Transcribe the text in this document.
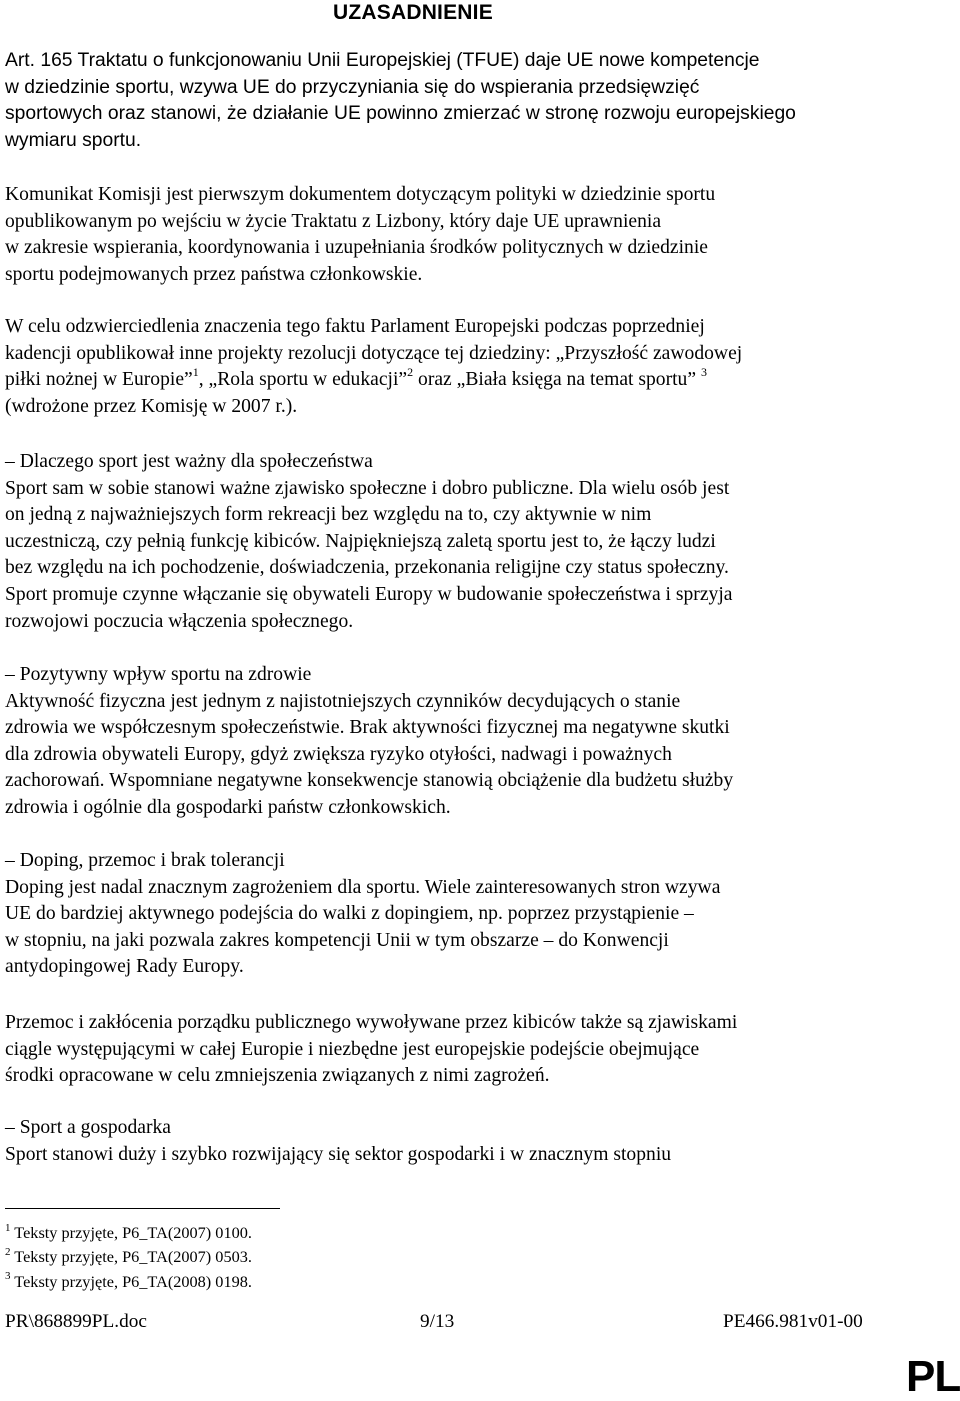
UZASADNIENIE
Art. 165 Traktatu o funkcjonowaniu Unii Europejskiej (TFUE) daje UE nowe kompetencje
w dziedzinie sportu, wzywa UE do przyczyniania się do wspierania przedsięwzięć
sportowych oraz stanowi, że działanie UE powinno zmierzać w stronę rozwoju europejskiego
wymiaru sportu.
Komunikat Komisji jest pierwszym dokumentem dotyczącym polityki w dziedzinie sportu
opublikowanym po wejściu w życie Traktatu z Lizbony, który daje UE uprawnienia
w zakresie wspierania, koordynowania i uzupełniania środków politycznych w dziedzinie
sportu podejmowanych przez państwa członkowskie.
W celu odzwierciedlenia znaczenia tego faktu Parlament Europejski podczas poprzedniej
kadencji opublikował inne projekty rezolucji dotyczące tej dziedziny: „Przyszłość zawodowej
piłki nożnej w Europie”$^1$, „Rola sportu w edukacji”$^2$ oraz „Biała księga na temat sportu” $^3$
(wdrożone przez Komisję w 2007 r.).
– Dlaczego sport jest ważny dla społeczeństwa
Sport sam w sobie stanowi ważne zjawisko społeczne i dobro publiczne. Dla wielu osób jest
on jedną z najważniejszych form rekreacji bez względu na to, czy aktywnie w nim
uczestniczą, czy pełnią funkcję kibiców. Najpiękniejszą zaletą sportu jest to, że łączy ludzi
bez względu na ich pochodzenie, doświadczenia, przekonania religijne czy status społeczny.
Sport promuje czynne włączanie się obywateli Europy w budowanie społeczeństwa i sprzyja
rozwojowi poczucia włączenia społecznego.
– Pozytywny wpływ sportu na zdrowie
Aktywność fizyczna jest jednym z najistotniejszych czynników decydujących o stanie
zdrowia we współczesnym społeczeństwie. Brak aktywności fizycznej ma negatywne skutki
dla zdrowia obywateli Europy, gdyż zwiększa ryzyko otyłości, nadwagi i poważnych
zachorowań. Wspomniane negatywne konsekwencje stanowią obciążenie dla budżetu służby
zdrowia i ogólnie dla gospodarki państw członkowskich.
– Doping, przemoc i brak tolerancji
Doping jest nadal znacznym zagrożeniem dla sportu. Wiele zainteresowanych stron wzywa
UE do bardziej aktywnego podejścia do walki z dopingiem, np. poprzez przystąpienie –
w stopniu, na jaki pozwala zakres kompetencji Unii w tym obszarze – do Konwencji
antydopingowej Rady Europy.
Przemoc i zakłócenia porządku publicznego wywoływane przez kibiców także są zjawiskami
ciągle występującymi w całej Europie i niezbędne jest europejskie podejście obejmujące
środki opracowane w celu zmniejszenia związanych z nimi zagrożeń.
– Sport a gospodarka
Sport stanowi duży i szybko rozwijający się sektor gospodarki i w znacznym stopniu
$^1$ Teksty przyjęte, P6_TA(2007) 0100.
$^2$ Teksty przyjęte, P6_TA(2007) 0503.
$^3$ Teksty przyjęte, P6_TA(2008) 0198.
PR\868899PL.doc	9/13	PE466.981v01-00
PL
